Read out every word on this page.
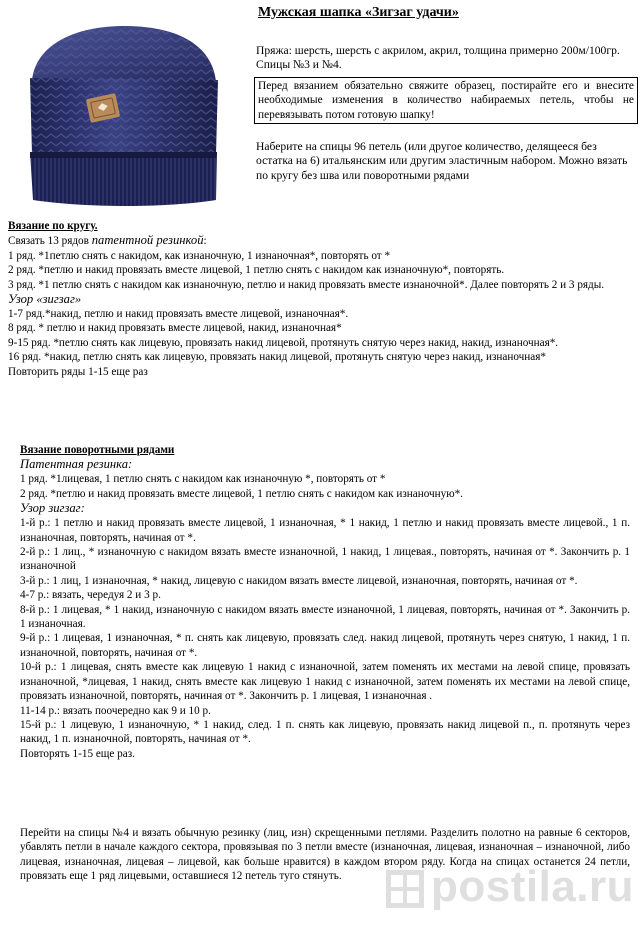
Мужская шапка «Зигзаг удачи»

Пряжа: шерсть, шерсть с акрилом, акрил, толщина примерно 200м/100гр. Спицы №3 и №4.

Перед вязанием обязательно свяжите образец, постирайте его и внесите необходимые изменения в количество набираемых петель, чтобы не перевязывать потом готовую шапку!

Наберите на спицы 96 петель (или другое количество, делящееся без остатка на 6) итальянским или другим эластичным набором. Можно вязать по кругу без шва или поворотными рядами

Вязание по кругу.
Связать 13 рядов патентной резинкой:
1 ряд. *1петлю снять с накидом, как изнаночную, 1 изнаночная*, повторять от *
2 ряд. *петлю и накид провязать вместе лицевой, 1 петлю снять с накидом как изнаночную*, повторять.
3 ряд. *1 петлю снять с накидом как изнаночную, петлю и накид провязать вместе изнаночной*. Далее повторять 2 и 3 ряды.
Узор «зигзаг»
1-7 ряд.*накид, петлю и накид провязать вместе лицевой, изнаночная*.
8 ряд. * петлю и накид провязать вместе лицевой, накид, изнаночная*
9-15 ряд. *петлю снять как лицевую, провязать накид лицевой, протянуть снятую через накид, накид, изнаночная*.
16 ряд. *накид, петлю снять как лицевую, провязать накид лицевой, протянуть снятую через накид, изнаночная*
Повторить ряды 1-15 еще раз
Вязание поворотными рядами
Патентная резинка:
1 ряд. *1лицевая, 1 петлю снять с накидом как изнаночную *, повторять от *
2 ряд. *петлю и накид провязать вместе лицевой, 1 петлю снять с накидом как изнаночную*.
Узор зигзаг:
1-й р.: 1 петлю и накид провязать вместе лицевой, 1 изнаночная, * 1 накид, 1 петлю и накид провязать вместе лицевой., 1 п. изнаночная, повторять, начиная от *.
2-й р.: 1 лиц., * изнаночную с накидом вязать вместе изнаночной, 1 накид, 1 лицевая., повторять, начиная от *. Закончить р. 1 изнаночной
3-й р.: 1 лиц, 1 изнаночная, * накид, лицевую с накидом вязать вместе лицевой, изнаночная, повторять, начиная от *.
4-7 р.: вязать, чередуя 2 и 3 р.
8-й р.: 1 лицевая, * 1 накид, изнаночную с накидом вязать вместе изнаночной, 1 лицевая, повторять, начиная от *. Закончить р. 1 изнаночная.
9-й р.: 1 лицевая, 1 изнаночная, * п. снять как лицевую, провязать след. накид лицевой, протянуть через снятую, 1 накид, 1 п. изнаночной, повторять, начиная от *.
10-й р.: 1 лицевая, снять вместе как лицевую 1 накид с изнаночной, затем поменять их местами на левой спице, провязать изнаночной, *лицевая, 1 накид, снять вместе как лицевую 1 накид с изнаночной, затем поменять их местами на левой спице, провязать изнаночной, повторять, начиная от *. Закончить р. 1 лицевая, 1 изнаночная .
11-14 р.: вязать поочередно как 9 и 10 р.
15-й р.: 1 лицевую, 1 изнаночную, * 1 накид, след. 1 п. снять как лицевую, провязать накид лицевой п., п. протянуть через накид, 1 п. изнаночной, повторять, начиная от *.
Повторять 1-15 еще раз.
postila.ru
Перейти на спицы №4 и вязать обычную резинку (лиц, изн) скрещенными петлями. Разделить полотно на равные 6 секторов, убавлять петли в начале каждого сектора, провязывая по 3 петли вместе (изнаночная, лицевая, изнаночная – изнаночной, либо лицевая, изнаночная, лицевая – лицевой, как больше нравится) в каждом втором ряду. Когда на спицах останется 24 петли, провязать еще 1 ряд лицевыми, оставшиеся 12 петель туго стянуть.
